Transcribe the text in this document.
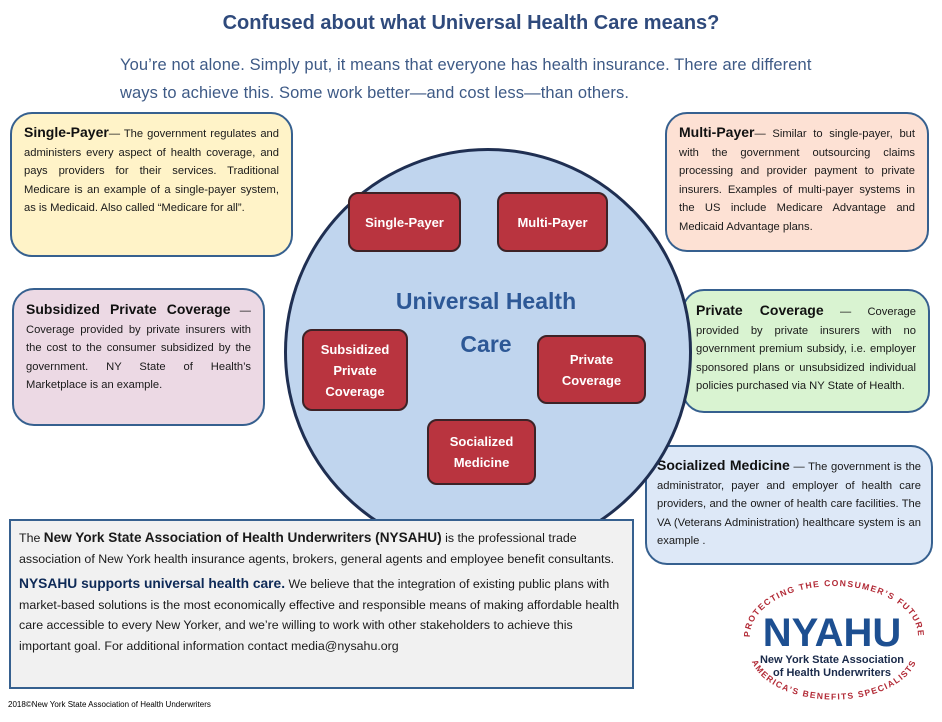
Confused about what Universal Health Care means?
You’re not alone. Simply put, it means that everyone has health insurance. There are different ways to achieve this. Some work better—and cost less—than others.
Single-Payer— The government regulates and administers every aspect of health coverage, and pays providers for their services. Traditional Medicare is an example of a single-payer system, as is Medicaid. Also called “Medicare for all”.
Multi-Payer— Similar to single-payer, but with the government outsourcing claims processing and provider payment to private insurers. Examples of multi-payer systems in the US include Medicare Advantage and Medicaid Advantage plans.
Subsidized Private Coverage — Coverage provided by private insurers with the cost to the consumer subsidized by the government. NY State of Health’s Marketplace is an example.
Private Coverage — Coverage provided by private insurers with no government premium subsidy, i.e. employer sponsored plans or unsubsidized individual policies purchased via NY State of Health.
Socialized Medicine — The government is the administrator, payer and employer of health care providers, and the owner of health care facilities. The VA (Veterans Administration) healthcare system is an example .
Universal Health Care
Single-Payer	Multi-Payer
Subsidized Private Coverage
Private Coverage
Socialized Medicine

The New York State Association of Health Underwriters (NYSAHU) is the professional trade association of New York health insurance agents, brokers, general agents and employee benefit consultants.

NYSAHU supports universal health care. We believe that the integration of existing public plans with market-based solutions is the most economically effective and responsible means of making affordable health care accessible to every New Yorker, and we’re willing to work with other stakeholders to achieve this important goal. For additional information contact media@nysahu.org

2018©New York State Association of Health Underwriters
PROTECTING THE CONSUMER’S FUTURE
AMERICA’S BENEFITS SPECIALISTS
NYAHU
New York State Association
of Health Underwriters
